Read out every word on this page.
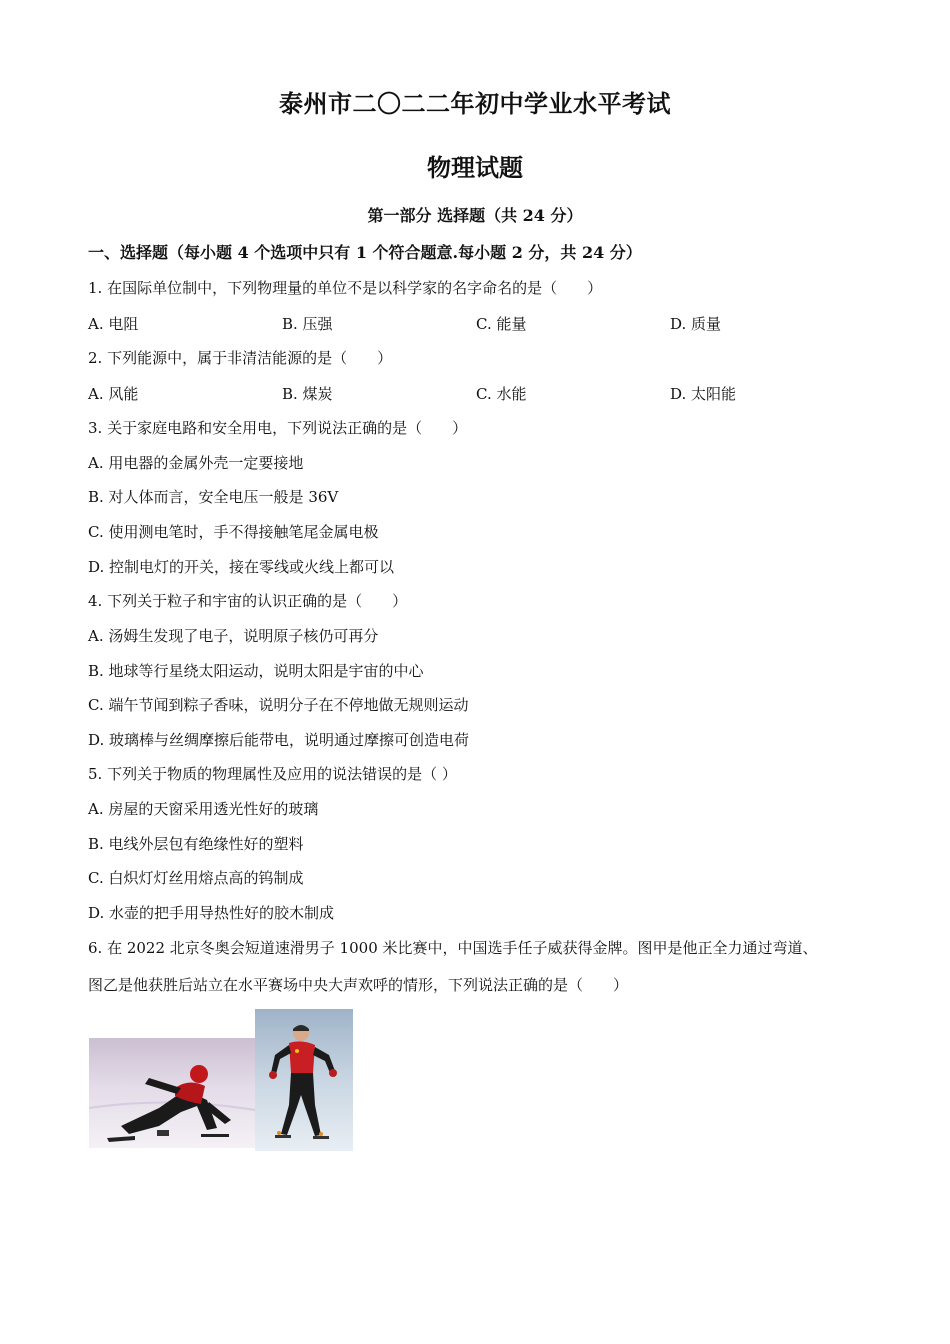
泰州市二〇二二年初中学业水平考试
物理试题
第一部分 选择题（共 24 分）
一、选择题（每小题 4 个选项中只有 1 个符合题意.每小题 2 分，共 24 分）
1. 在国际单位制中，下列物理量的单位不是以科学家的名字命名的是（　　）
A. 电阻	B. 压强	C. 能量	D. 质量
2. 下列能源中，属于非清洁能源的是（　　）
A. 风能	B. 煤炭	C. 水能	D. 太阳能
3. 关于家庭电路和安全用电，下列说法正确的是（　　）
A. 用电器的金属外壳一定要接地
B. 对人体而言，安全电压一般是 36V
C. 使用测电笔时，手不得接触笔尾金属电极
D. 控制电灯的开关，接在零线或火线上都可以
4. 下列关于粒子和宇宙的认识正确的是（　　）
A. 汤姆生发现了电子，说明原子核仍可再分
B. 地球等行星绕太阳运动，说明太阳是宇宙的中心
C. 端午节闻到粽子香味，说明分子在不停地做无规则运动
D. 玻璃棒与丝绸摩擦后能带电，说明通过摩擦可创造电荷
5. 下列关于物质的物理属性及应用的说法错误的是（ ）
A. 房屋的天窗采用透光性好的玻璃
B. 电线外层包有绝缘性好的塑料
C. 白炽灯灯丝用熔点高的钨制成
D. 水壶的把手用导热性好的胶木制成
6. 在 2022 北京冬奥会短道速滑男子 1000 米比赛中，中国选手任子威获得金牌。图甲是他正全力通过弯道、
图乙是他获胜后站立在水平赛场中央大声欢呼的情形，下列说法正确的是（　　）
